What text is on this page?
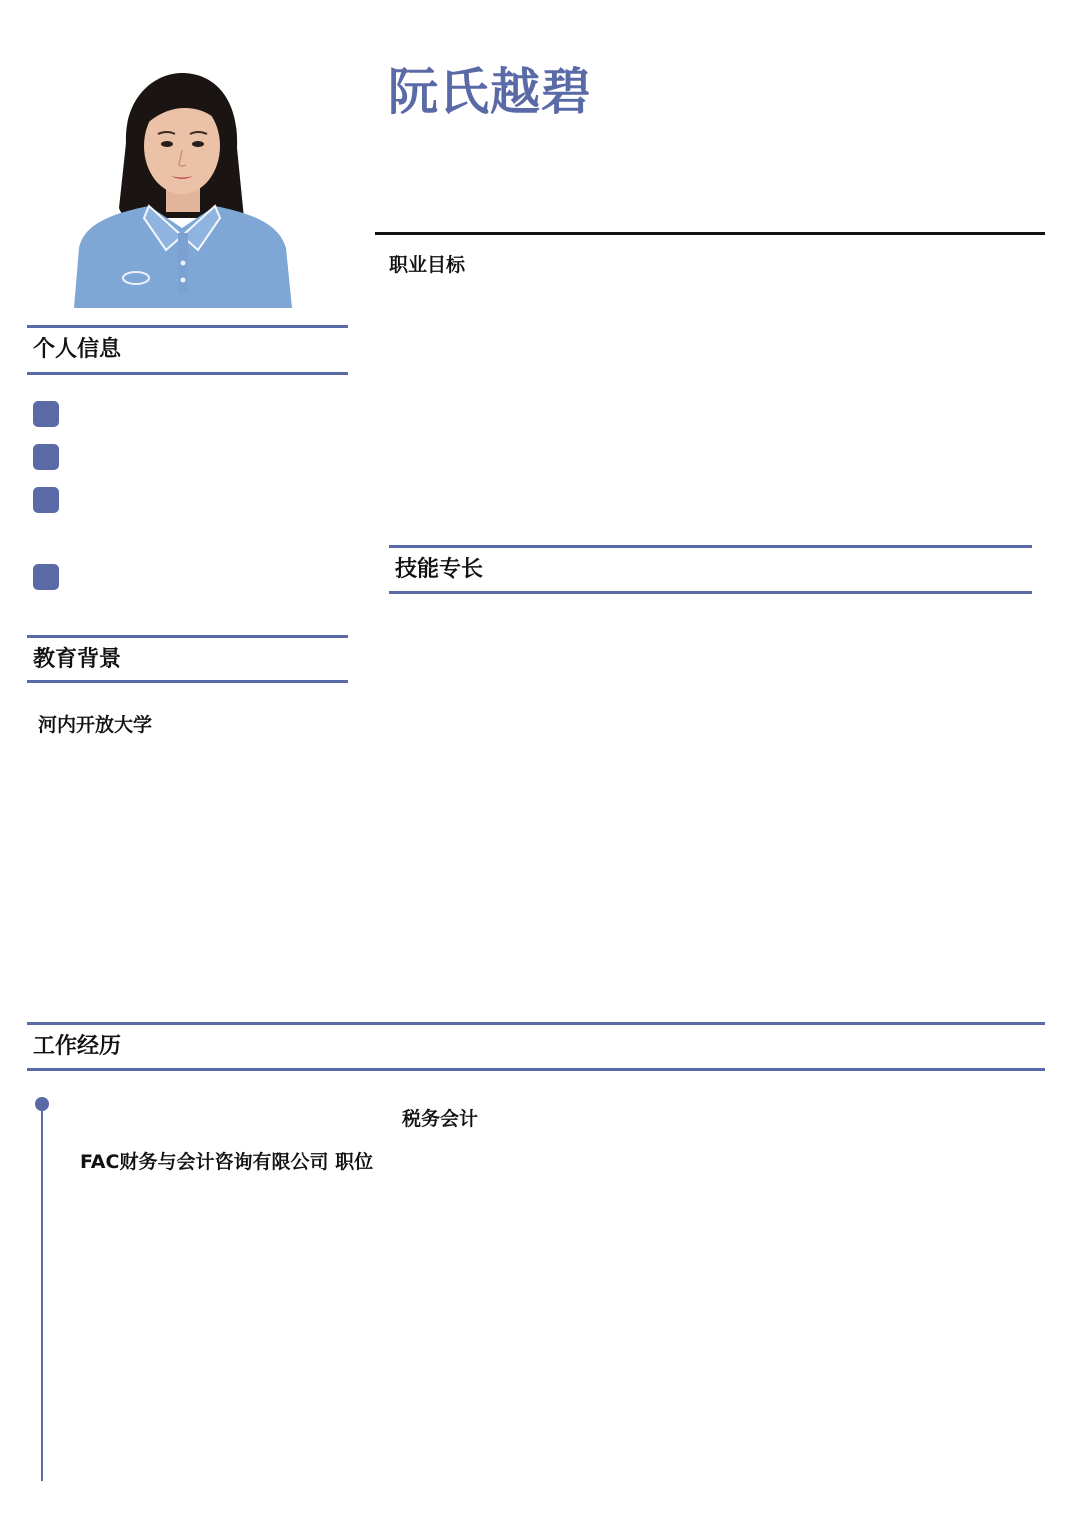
阮氏越碧
职业目标
个人信息
技能专长
教育背景
河内开放大学
工作经历
税务会计
FAC财务与会计咨询有限公司 职位
